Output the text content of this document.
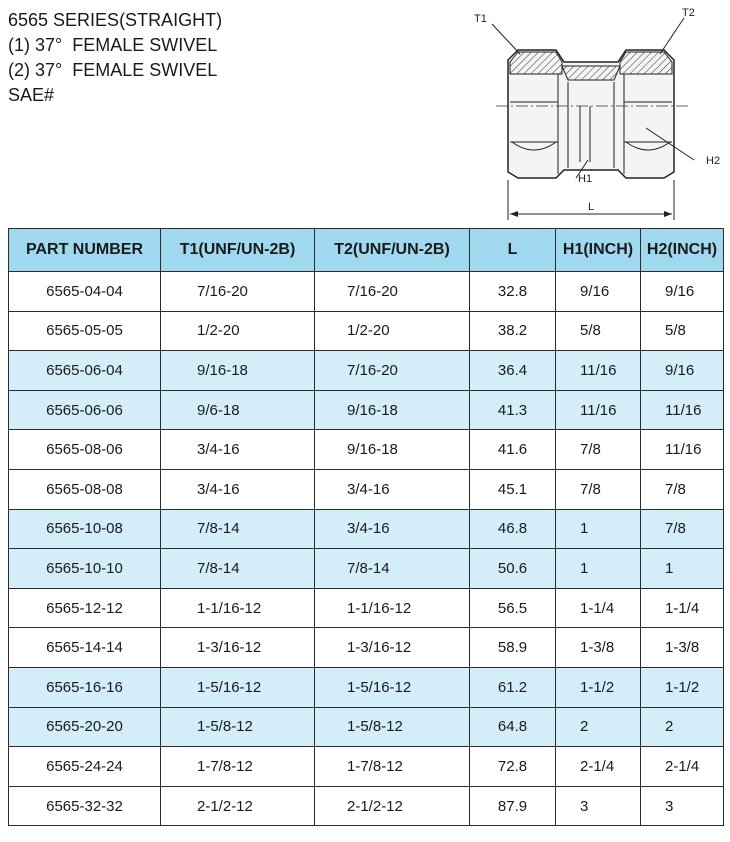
6565 SERIES(STRAIGHT)
(1) 37°  FEMALE SWIVEL
(2) 37°  FEMALE SWIVEL
SAE#
T1	T2
H1
H2
L
PART NUMBER	T1(UNF/UN-2B)	T2(UNF/UN-2B)	L	H1(INCH)	H2(INCH)
6565-04-04	7/16-20	7/16-20	32.8	9/16	9/16
6565-05-05	1/2-20	1/2-20	38.2	5/8	5/8
6565-06-04	9/16-18	7/16-20	36.4	11/16	9/16
6565-06-06	9/6-18	9/16-18	41.3	11/16	11/16
6565-08-06	3/4-16	9/16-18	41.6	7/8	11/16
6565-08-08	3/4-16	3/4-16	45.1	7/8	7/8
6565-10-08	7/8-14	3/4-16	46.8	1	7/8
6565-10-10	7/8-14	7/8-14	50.6	1	1
6565-12-12	1-1/16-12	1-1/16-12	56.5	1-1/4	1-1/4
6565-14-14	1-3/16-12	1-3/16-12	58.9	1-3/8	1-3/8
6565-16-16	1-5/16-12	1-5/16-12	61.2	1-1/2	1-1/2
6565-20-20	1-5/8-12	1-5/8-12	64.8	2	2
6565-24-24	1-7/8-12	1-7/8-12	72.8	2-1/4	2-1/4
6565-32-32	2-1/2-12	2-1/2-12	87.9	3	3
